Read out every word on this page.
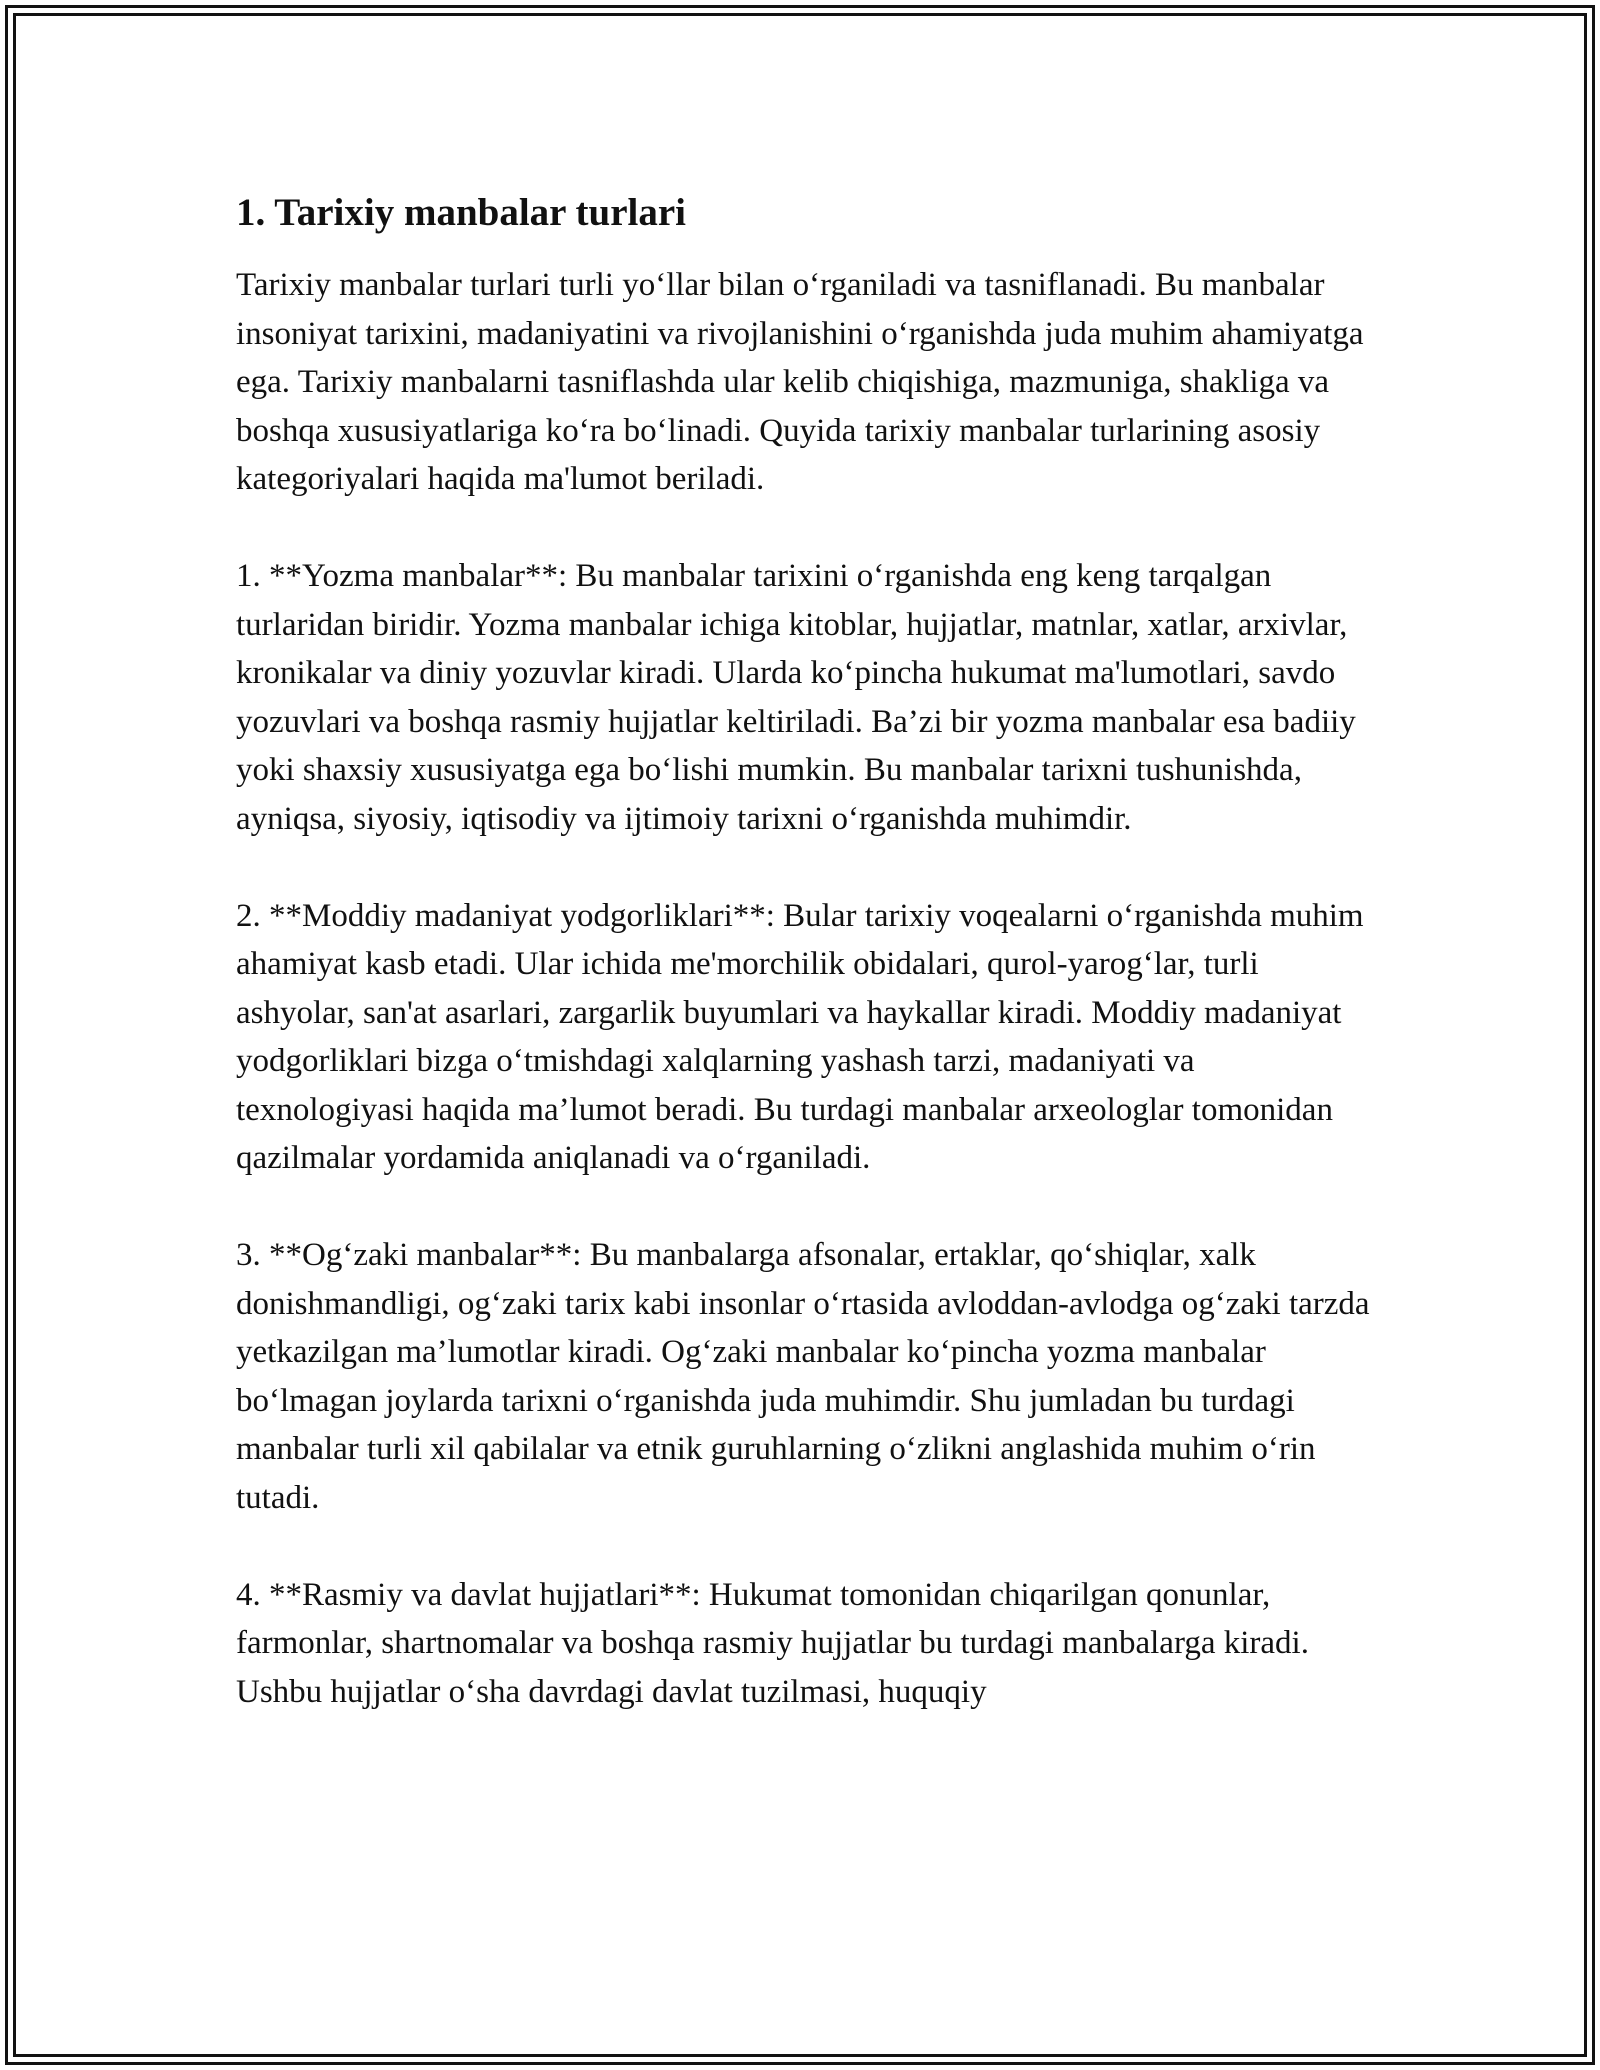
1. Tarixiy manbalar turlari

Tarixiy manbalar turlari turli yo‘llar bilan o‘rganiladi va tasniflanadi. Bu manbalar insoniyat tarixini, madaniyatini va rivojlanishini o‘rganishda juda muhim ahamiyatga ega. Tarixiy manbalarni tasniflashda ular kelib chiqishiga, mazmuniga, shakliga va boshqa xususiyatlariga ko‘ra bo‘linadi. Quyida tarixiy manbalar turlarining asosiy kategoriyalari haqida ma'lumot beriladi.

1. **Yozma manbalar**: Bu manbalar tarixini o‘rganishda eng keng tarqalgan turlaridan biridir. Yozma manbalar ichiga kitoblar, hujjatlar, matnlar, xatlar, arxivlar, kronikalar va diniy yozuvlar kiradi. Ularda ko‘pincha hukumat ma'lumotlari, savdo yozuvlari va boshqa rasmiy hujjatlar keltiriladi. Ba’zi bir yozma manbalar esa badiiy yoki shaxsiy xususiyatga ega bo‘lishi mumkin. Bu manbalar tarixni tushunishda, ayniqsa, siyosiy, iqtisodiy va ijtimoiy tarixni o‘rganishda muhimdir.

2. **Moddiy madaniyat yodgorliklari**: Bular tarixiy voqealarni o‘rganishda muhim ahamiyat kasb etadi. Ular ichida me'morchilik obidalari, qurol-yarog‘lar, turli ashyolar, san'at asarlari, zargarlik buyumlari va haykallar kiradi. Moddiy madaniyat yodgorliklari bizga o‘tmishdagi xalqlarning yashash tarzi, madaniyati va texnologiyasi haqida ma’lumot beradi. Bu turdagi manbalar arxeologlar tomonidan qazilmalar yordamida aniqlanadi va o‘rganiladi.

3. **Og‘zaki manbalar**: Bu manbalarga afsonalar, ertaklar, qo‘shiqlar, xalk donishmandligi, og‘zaki tarix kabi insonlar o‘rtasida avloddan-avlodga og‘zaki tarzda yetkazilgan ma’lumotlar kiradi. Og‘zaki manbalar ko‘pincha yozma manbalar bo‘lmagan joylarda tarixni o‘rganishda juda muhimdir. Shu jumladan bu turdagi manbalar turli xil qabilalar va etnik guruhlarning o‘zlikni anglashida muhim o‘rin tutadi.

4. **Rasmiy va davlat hujjatlari**: Hukumat tomonidan chiqarilgan qonunlar, farmonlar, shartnomalar va boshqa rasmiy hujjatlar bu turdagi manbalarga kiradi. Ushbu hujjatlar o‘sha davrdagi davlat tuzilmasi, huquqiy
